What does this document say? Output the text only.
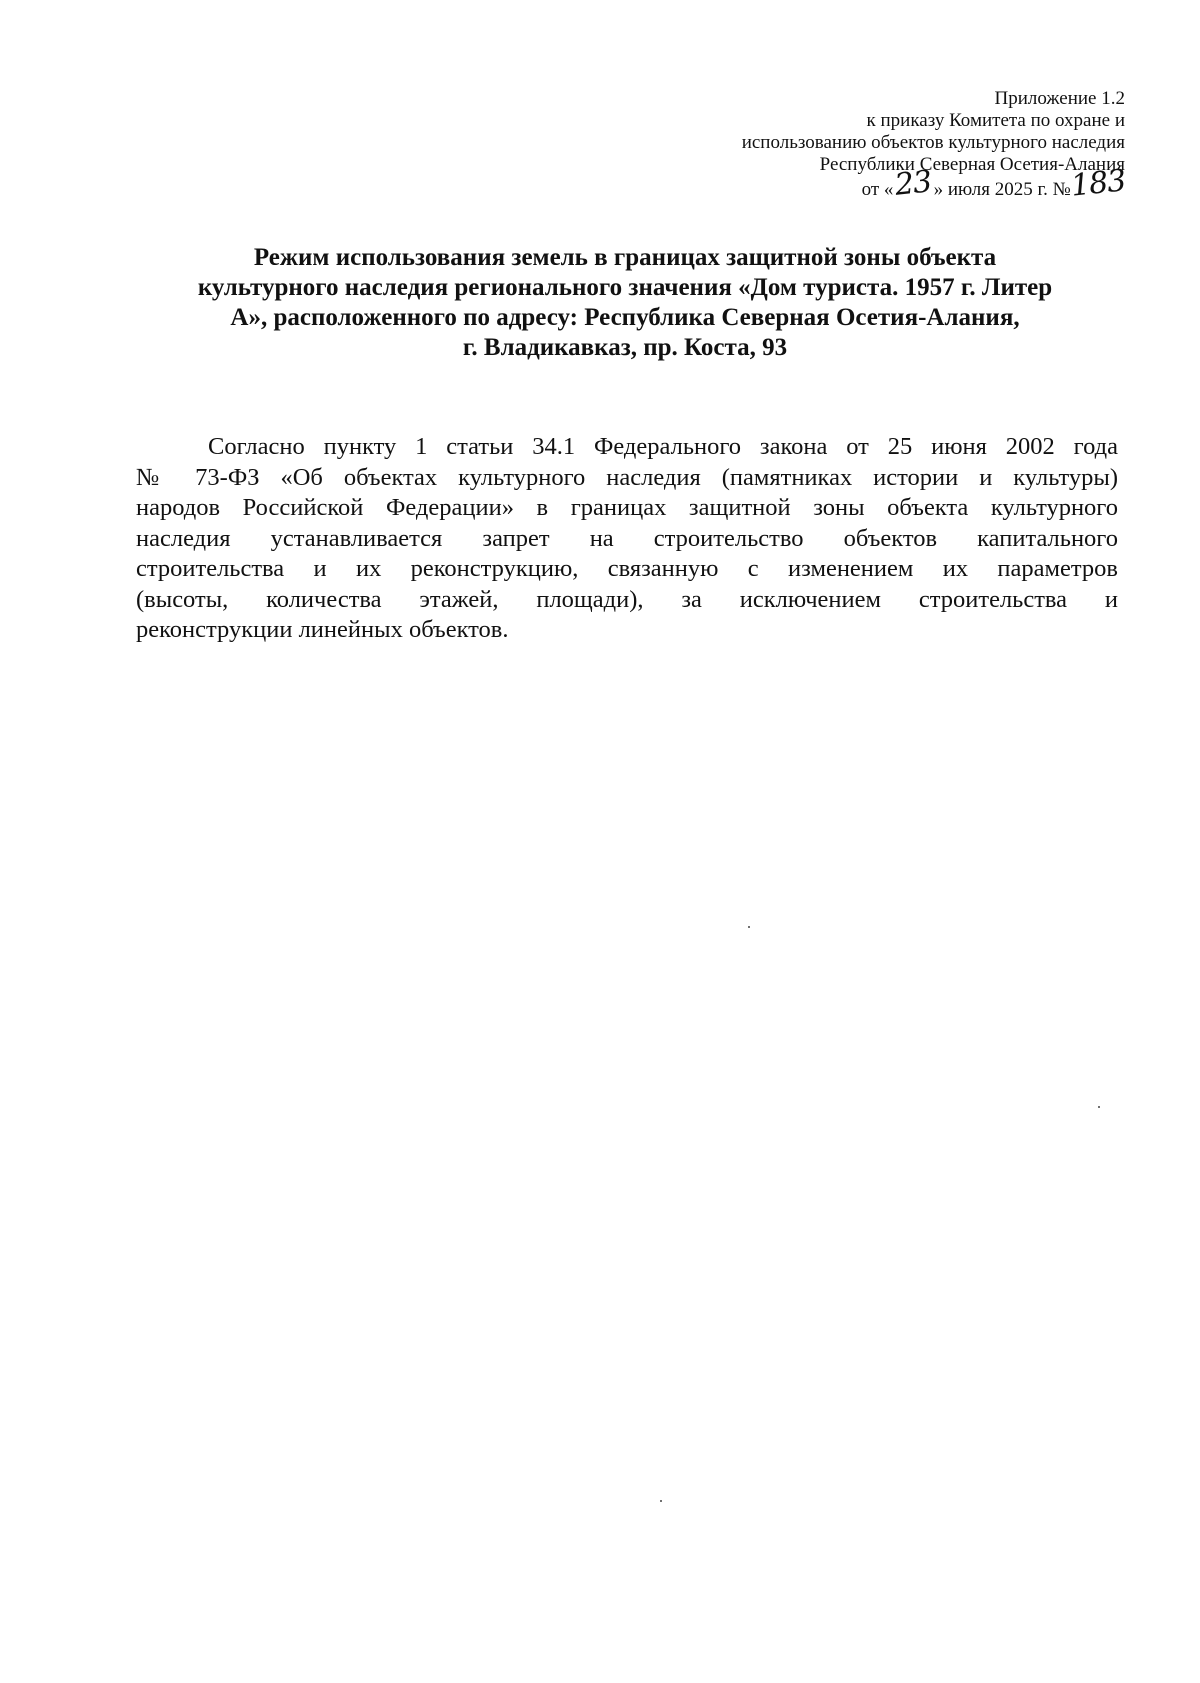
Приложение 1.2
к приказу Комитета по охране и
использованию объектов культурного наследия
Республики Северная Осетия-Алания
от «23» июля 2025 г. №183
Режим использования земель в границах защитной зоны объекта
культурного наследия регионального значения «Дом туриста. 1957 г. Литер
А», расположенного по адресу: Республика Северная Осетия-Алания,
г. Владикавказ, пр. Коста, 93
Согласно пункту 1 статьи 34.1 Федерального закона от 25 июня 2002 года
№ 73-ФЗ «Об объектах культурного наследия (памятниках истории и культуры)
народов Российской Федерации» в границах защитной зоны объекта культурного
наследия устанавливается запрет на строительство объектов капитального
строительства и их реконструкцию, связанную с изменением их параметров
(высоты, количества этажей, площади), за исключением строительства и
реконструкции линейных объектов.
